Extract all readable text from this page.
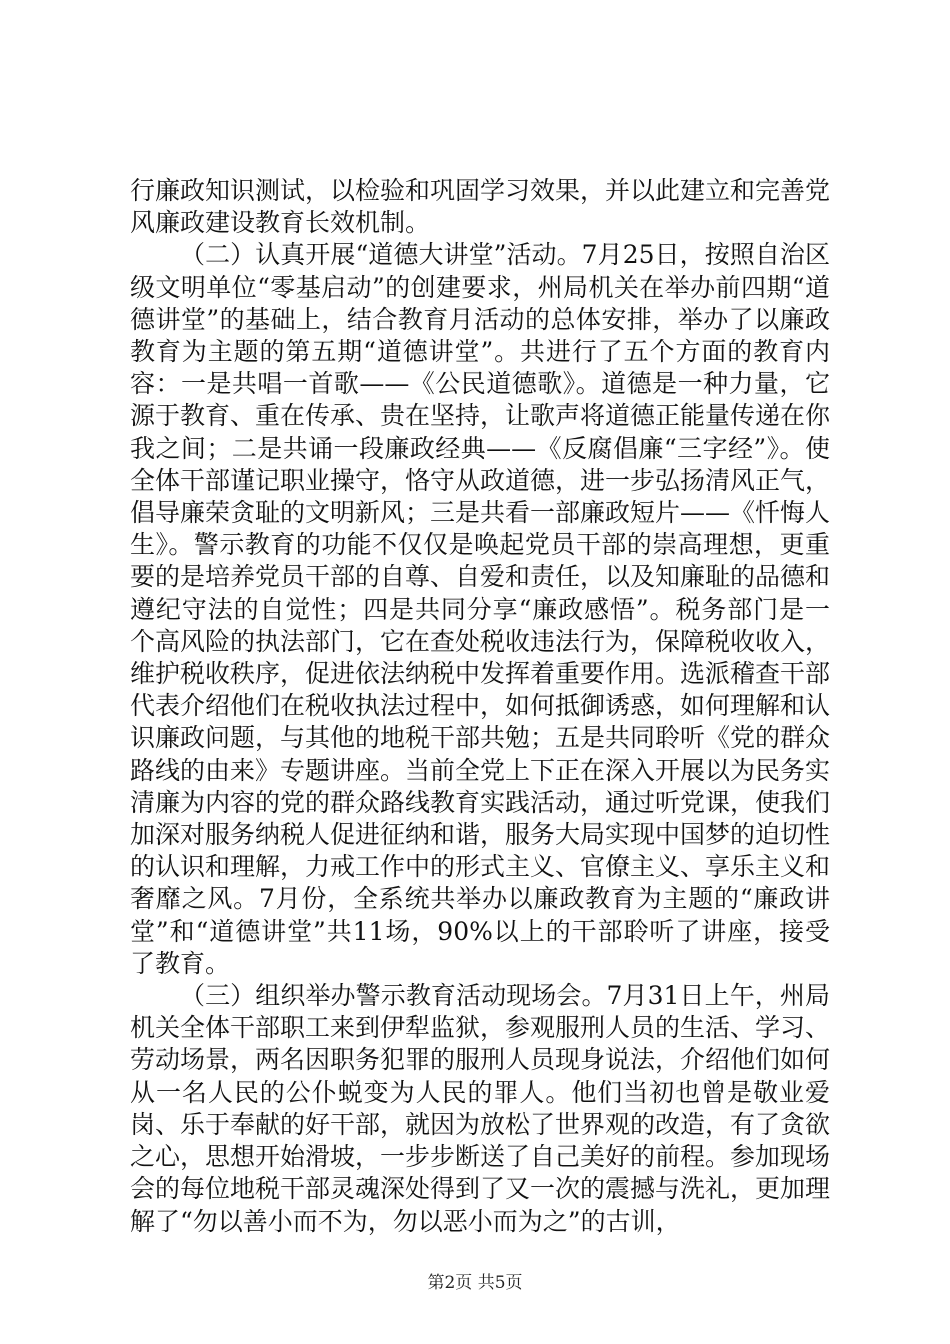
行廉政知识测试，以检验和巩固学习效果，并以此建立和完善党风廉政建设教育长效机制。

（二）认真开展“道德大讲堂”活动。7月25日，按照自治区级文明单位“零基启动”的创建要求，州局机关在举办前四期“道德讲堂”的基础上，结合教育月活动的总体安排，举办了以廉政教育为主题的第五期“道德讲堂”。共进行了五个方面的教育内容：一是共唱一首歌——《公民道德歌》。道德是一种力量，它源于教育、重在传承、贵在坚持，让歌声将道德正能量传递在你我之间；二是共诵一段廉政经典——《反腐倡廉“三字经”》。使全体干部谨记职业操守，恪守从政道德，进一步弘扬清风正气，倡导廉荣贪耻的文明新风；三是共看一部廉政短片——《忏悔人生》。警示教育的功能不仅仅是唤起党员干部的崇高理想，更重要的是培养党员干部的自尊、自爱和责任，以及知廉耻的品德和遵纪守法的自觉性；四是共同分享“廉政感悟”。税务部门是一个高风险的执法部门，它在查处税收违法行为，保障税收收入，维护税收秩序，促进依法纳税中发挥着重要作用。选派稽查干部代表介绍他们在税收执法过程中，如何抵御诱惑，如何理解和认识廉政问题，与其他的地税干部共勉；五是共同聆听《党的群众路线的由来》专题讲座。当前全党上下正在深入开展以为民务实清廉为内容的党的群众路线教育实践活动，通过听党课，使我们加深对服务纳税人促进征纳和谐，服务大局实现中国梦的迫切性的认识和理解，力戒工作中的形式主义、官僚主义、享乐主义和奢靡之风。7月份，全系统共举办以廉政教育为主题的“廉政讲堂”和“道德讲堂”共11场，90%以上的干部聆听了讲座，接受了教育。

（三）组织举办警示教育活动现场会。7月31日上午，州局机关全体干部职工来到伊犁监狱，参观服刑人员的生活、学习、劳动场景，两名因职务犯罪的服刑人员现身说法，介绍他们如何从一名人民的公仆蜕变为人民的罪人。他们当初也曾是敬业爱岗、乐于奉献的好干部，就因为放松了世界观的改造，有了贪欲之心，思想开始滑坡，一步步断送了自己美好的前程。参加现场会的每位地税干部灵魂深处得到了又一次的震撼与洗礼，更加理解了“勿以善小而不为，勿以恶小而为之”的古训，

第2页 共5页
